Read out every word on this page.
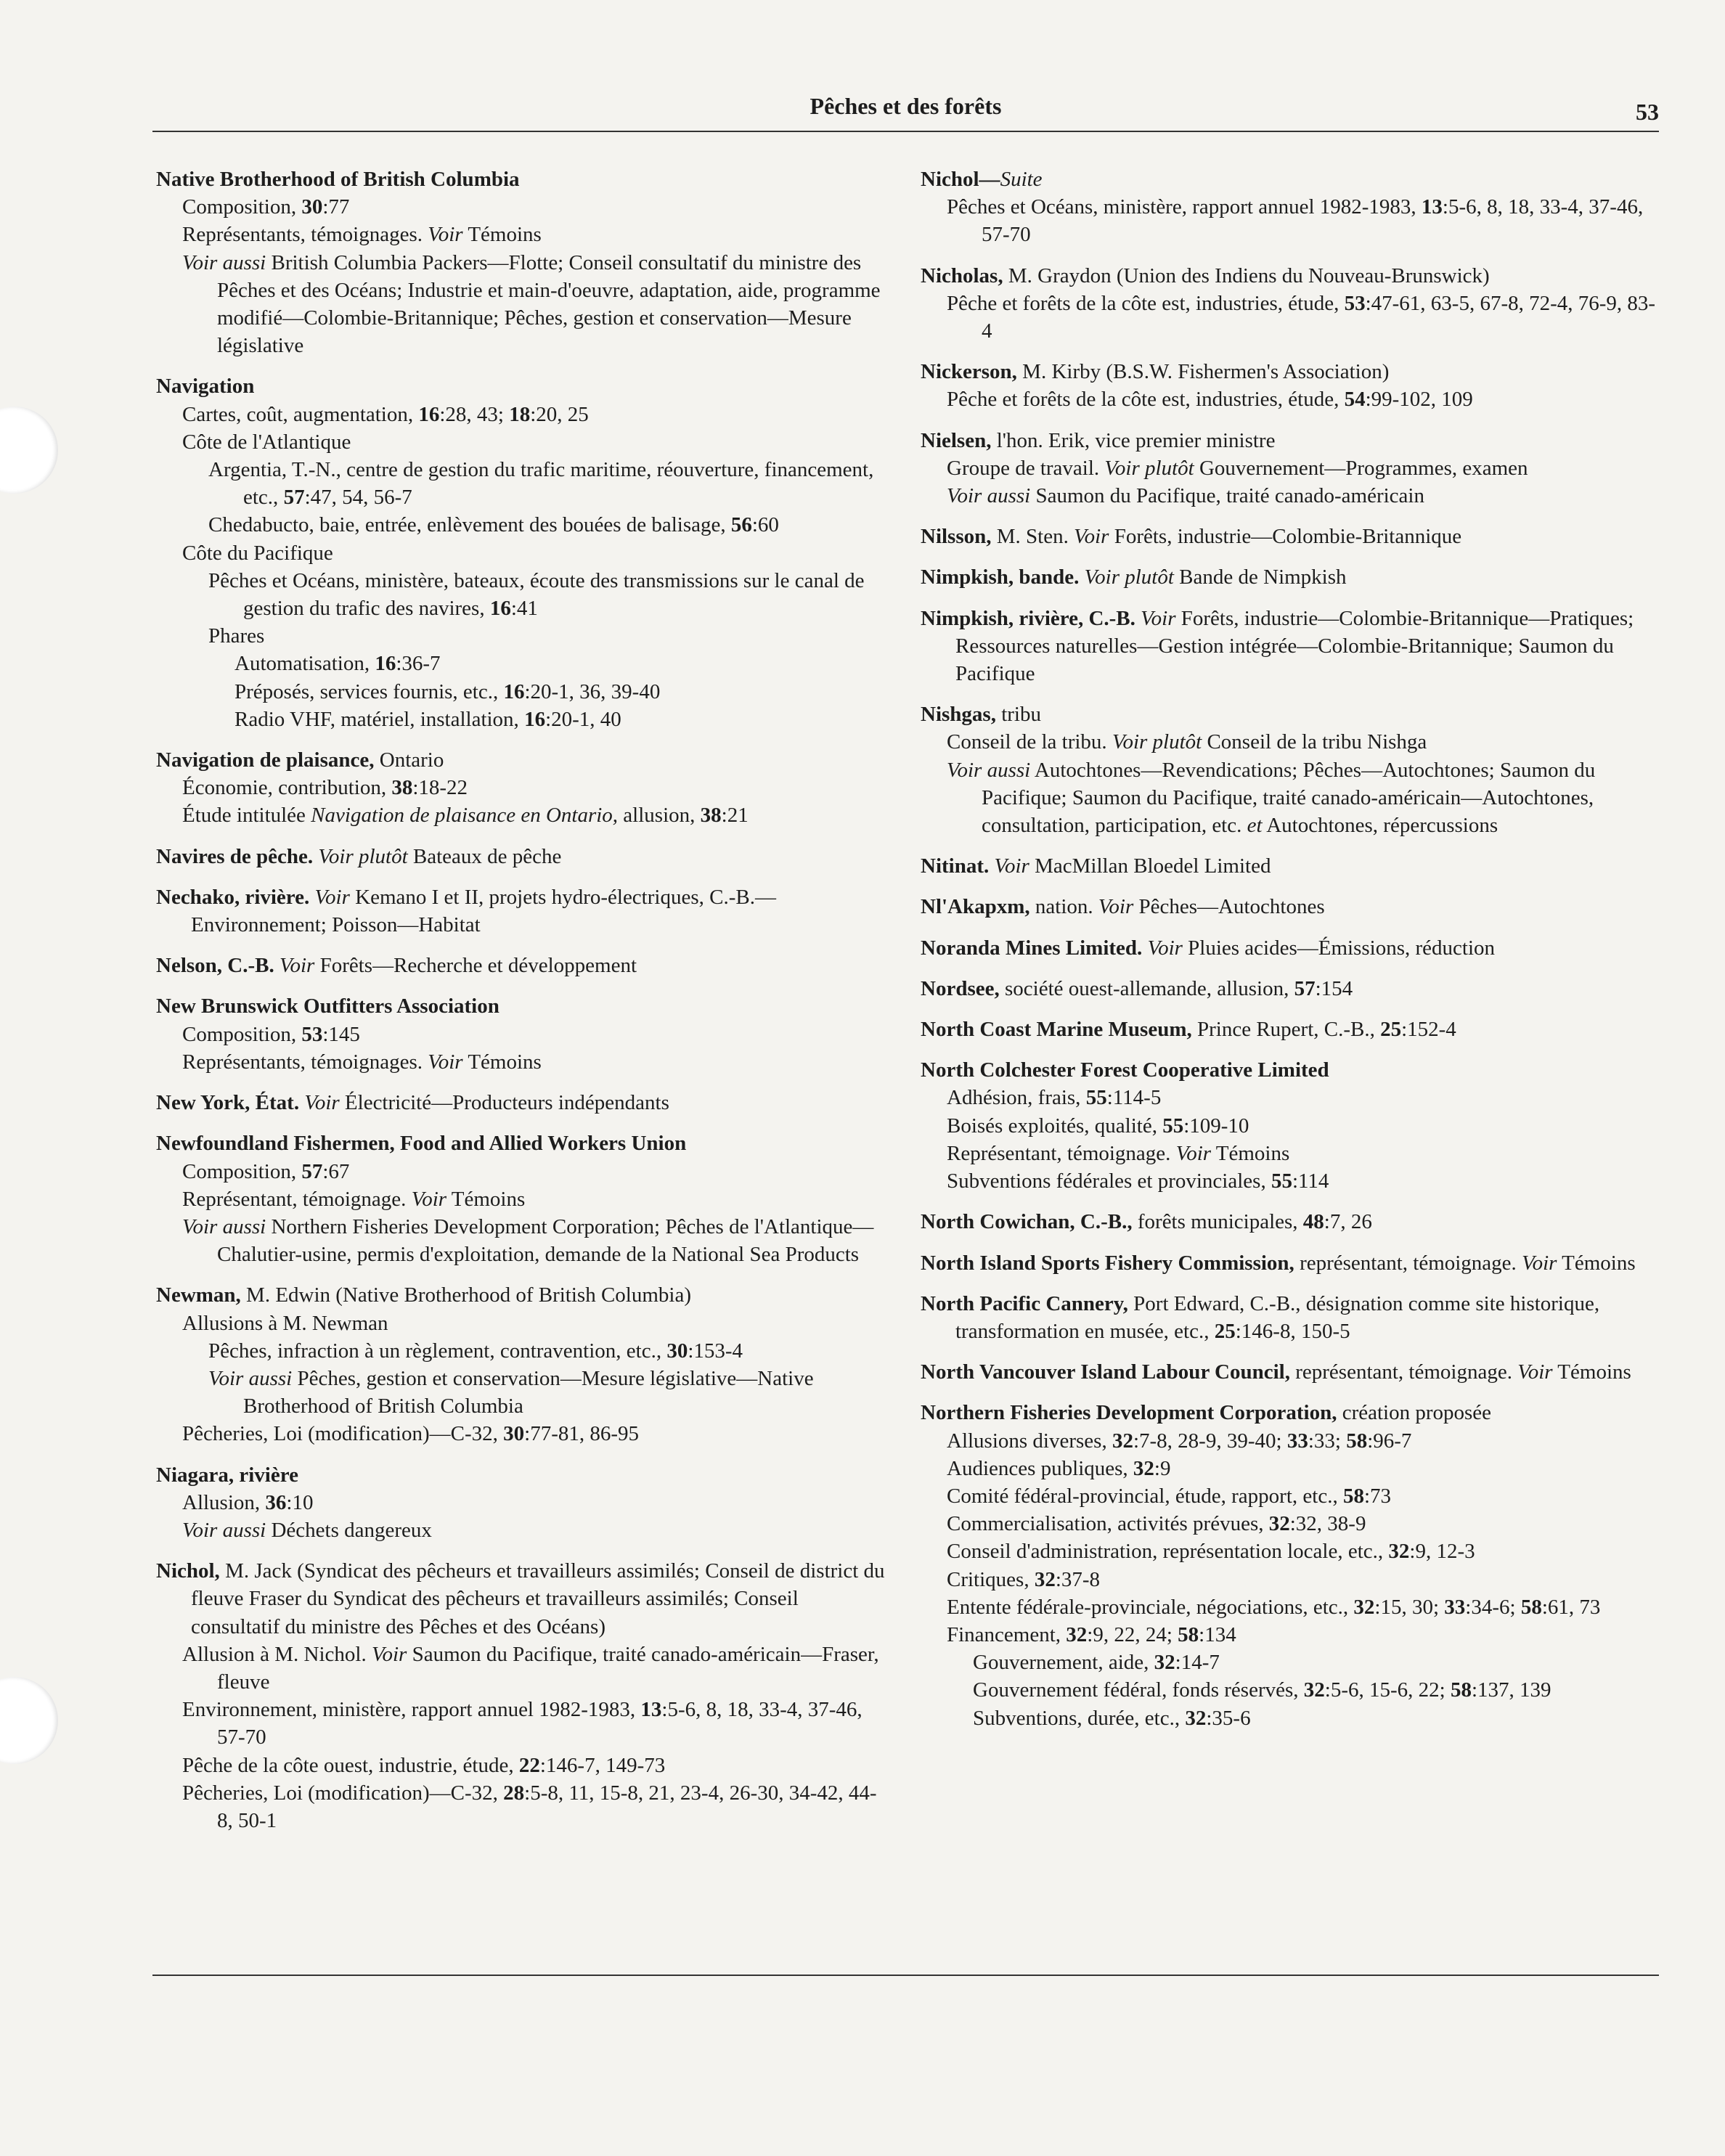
Pêches et des forêts	53
Native Brotherhood of British Columbia
Composition, 30:77
Représentants, témoignages. Voir Témoins
Voir aussi British Columbia Packers—Flotte; Conseil consultatif du ministre des Pêches et des Océans; Industrie et main-d'oeuvre, adaptation, aide, programme modifié—Colombie-Britannique; Pêches, gestion et conservation—Mesure législative
Navigation
Cartes, coût, augmentation, 16:28, 43; 18:20, 25
Côte de l'Atlantique
Argentia, T.-N., centre de gestion du trafic maritime, réouverture, financement, etc., 57:47, 54, 56-7
Chedabucto, baie, entrée, enlèvement des bouées de balisage, 56:60
Côte du Pacifique
Pêches et Océans, ministère, bateaux, écoute des transmissions sur le canal de gestion du trafic des navires, 16:41
Phares
Automatisation, 16:36-7
Préposés, services fournis, etc., 16:20-1, 36, 39-40
Radio VHF, matériel, installation, 16:20-1, 40
Navigation de plaisance, Ontario
Économie, contribution, 38:18-22
Étude intitulée Navigation de plaisance en Ontario, allusion, 38:21
Navires de pêche. Voir plutôt Bateaux de pêche
Nechako, rivière. Voir Kemano I et II, projets hydro-électriques, C.-B.—Environnement; Poisson—Habitat
Nelson, C.-B. Voir Forêts—Recherche et développement
New Brunswick Outfitters Association
Composition, 53:145
Représentants, témoignages. Voir Témoins
New York, État. Voir Électricité—Producteurs indépendants
Newfoundland Fishermen, Food and Allied Workers Union
Composition, 57:67
Représentant, témoignage. Voir Témoins
Voir aussi Northern Fisheries Development Corporation; Pêches de l'Atlantique—Chalutier-usine, permis d'exploitation, demande de la National Sea Products
Newman, M. Edwin (Native Brotherhood of British Columbia)
Allusions à M. Newman
Pêches, infraction à un règlement, contravention, etc., 30:153-4
Voir aussi Pêches, gestion et conservation—Mesure législative—Native Brotherhood of British Columbia
Pêcheries, Loi (modification)—C-32, 30:77-81, 86-95
Niagara, rivière
Allusion, 36:10
Voir aussi Déchets dangereux
Nichol, M. Jack (Syndicat des pêcheurs et travailleurs assimilés; Conseil de district du fleuve Fraser du Syndicat des pêcheurs et travailleurs assimilés; Conseil consultatif du ministre des Pêches et des Océans)
Allusion à M. Nichol. Voir Saumon du Pacifique, traité canado-américain—Fraser, fleuve
Environnement, ministère, rapport annuel 1982-1983, 13:5-6, 8, 18, 33-4, 37-46, 57-70
Pêche de la côte ouest, industrie, étude, 22:146-7, 149-73
Pêcheries, Loi (modification)—C-32, 28:5-8, 11, 15-8, 21, 23-4, 26-30, 34-42, 44-8, 50-1
Nichol—Suite
Pêches et Océans, ministère, rapport annuel 1982-1983, 13:5-6, 8, 18, 33-4, 37-46, 57-70
Nicholas, M. Graydon (Union des Indiens du Nouveau-Brunswick)
Pêche et forêts de la côte est, industries, étude, 53:47-61, 63-5, 67-8, 72-4, 76-9, 83-4
Nickerson, M. Kirby (B.S.W. Fishermen's Association)
Pêche et forêts de la côte est, industries, étude, 54:99-102, 109
Nielsen, l'hon. Erik, vice premier ministre
Groupe de travail. Voir plutôt Gouvernement—Programmes, examen
Voir aussi Saumon du Pacifique, traité canado-américain
Nilsson, M. Sten. Voir Forêts, industrie—Colombie-Britannique
Nimpkish, bande. Voir plutôt Bande de Nimpkish
Nimpkish, rivière, C.-B. Voir Forêts, industrie—Colombie-Britannique—Pratiques; Ressources naturelles—Gestion intégrée—Colombie-Britannique; Saumon du Pacifique
Nishgas, tribu
Conseil de la tribu. Voir plutôt Conseil de la tribu Nishga
Voir aussi Autochtones—Revendications; Pêches—Autochtones; Saumon du Pacifique; Saumon du Pacifique, traité canado-américain—Autochtones, consultation, participation, etc. et Autochtones, répercussions
Nitinat. Voir MacMillan Bloedel Limited
Nl'Akapxm, nation. Voir Pêches—Autochtones
Noranda Mines Limited. Voir Pluies acides—Émissions, réduction
Nordsee, société ouest-allemande, allusion, 57:154
North Coast Marine Museum, Prince Rupert, C.-B., 25:152-4
North Colchester Forest Cooperative Limited
Adhésion, frais, 55:114-5
Boisés exploités, qualité, 55:109-10
Représentant, témoignage. Voir Témoins
Subventions fédérales et provinciales, 55:114
North Cowichan, C.-B., forêts municipales, 48:7, 26
North Island Sports Fishery Commission, représentant, témoignage. Voir Témoins
North Pacific Cannery, Port Edward, C.-B., désignation comme site historique, transformation en musée, etc., 25:146-8, 150-5
North Vancouver Island Labour Council, représentant, témoignage. Voir Témoins
Northern Fisheries Development Corporation, création proposée
Allusions diverses, 32:7-8, 28-9, 39-40; 33:33; 58:96-7
Audiences publiques, 32:9
Comité fédéral-provincial, étude, rapport, etc., 58:73
Commercialisation, activités prévues, 32:32, 38-9
Conseil d'administration, représentation locale, etc., 32:9, 12-3
Critiques, 32:37-8
Entente fédérale-provinciale, négociations, etc., 32:15, 30; 33:34-6; 58:61, 73
Financement, 32:9, 22, 24; 58:134
Gouvernement, aide, 32:14-7
Gouvernement fédéral, fonds réservés, 32:5-6, 15-6, 22; 58:137, 139
Subventions, durée, etc., 32:35-6
